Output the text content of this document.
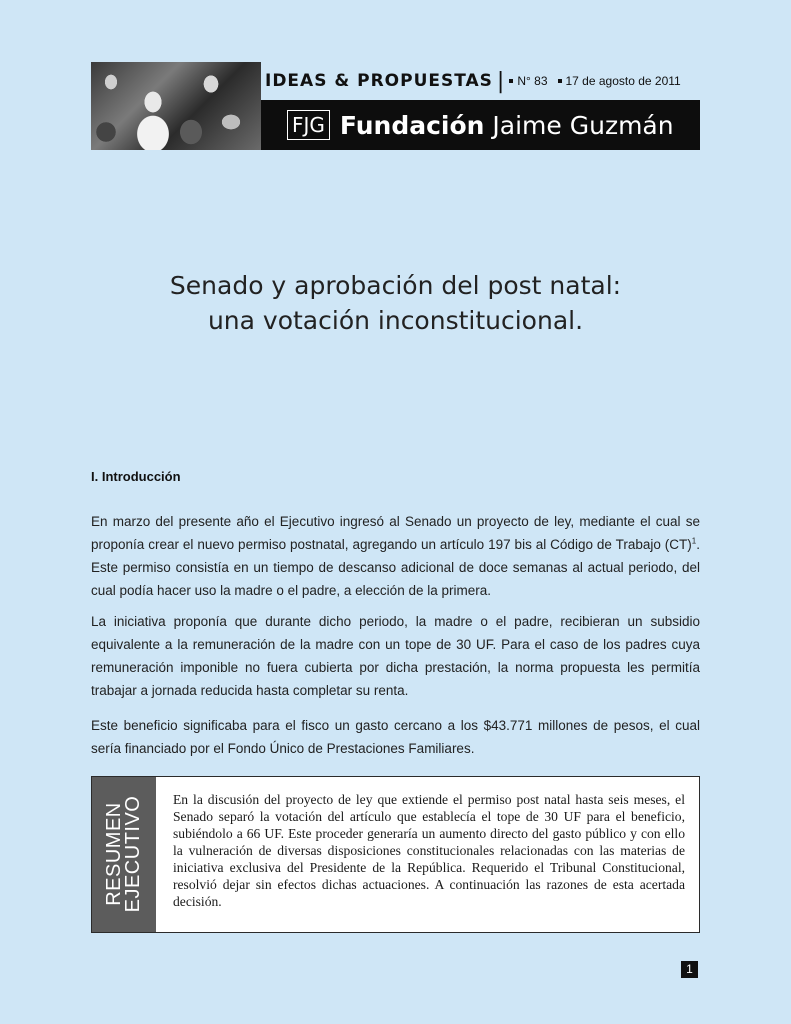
IDEAS & PROPUESTAS | N° 83 17 de agosto de 2011
FJG Fundación Jaime Guzmán
Senado y aprobación del post natal:
una votación inconstitucional.
I. Introducción

En marzo del presente año el Ejecutivo ingresó al Senado un proyecto de ley, mediante el cual se proponía crear el nuevo permiso postnatal, agregando un artículo 197 bis al Código de Trabajo (CT)$^1$. Este permiso consistía en un tiempo de descanso adicional de doce semanas al actual periodo, del cual podía hacer uso la madre o el padre, a elección de la primera.

La iniciativa proponía que durante dicho periodo, la madre o el padre, recibieran un subsidio equivalente a la remuneración de la madre con un tope de 30 UF. Para el caso de los padres cuya remuneración imponible no fuera cubierta por dicha prestación, la norma propuesta les permitía trabajar a jornada reducida hasta completar su renta.

Este beneficio significaba para el fisco un gasto cercano a los $43.771 millones de pesos, el cual sería financiado por el Fondo Único de Prestaciones Familiares.

RESUMEN
EJECUTIVO En la discusión del proyecto de ley que extiende el permiso post natal hasta seis meses, el Senado separó la votación del artículo que establecía el tope de 30 UF para el beneficio, subiéndolo a 66 UF. Este proceder generaría un aumento directo del gasto público y con ello la vulneración de diversas disposiciones constitucionales relacionadas con las materias de iniciativa exclusiva del Presidente de la República. Requerido el Tribunal Constitucional, resolvió dejar sin efectos dichas actuaciones. A continuación las razones de esta acertada decisión.

1
